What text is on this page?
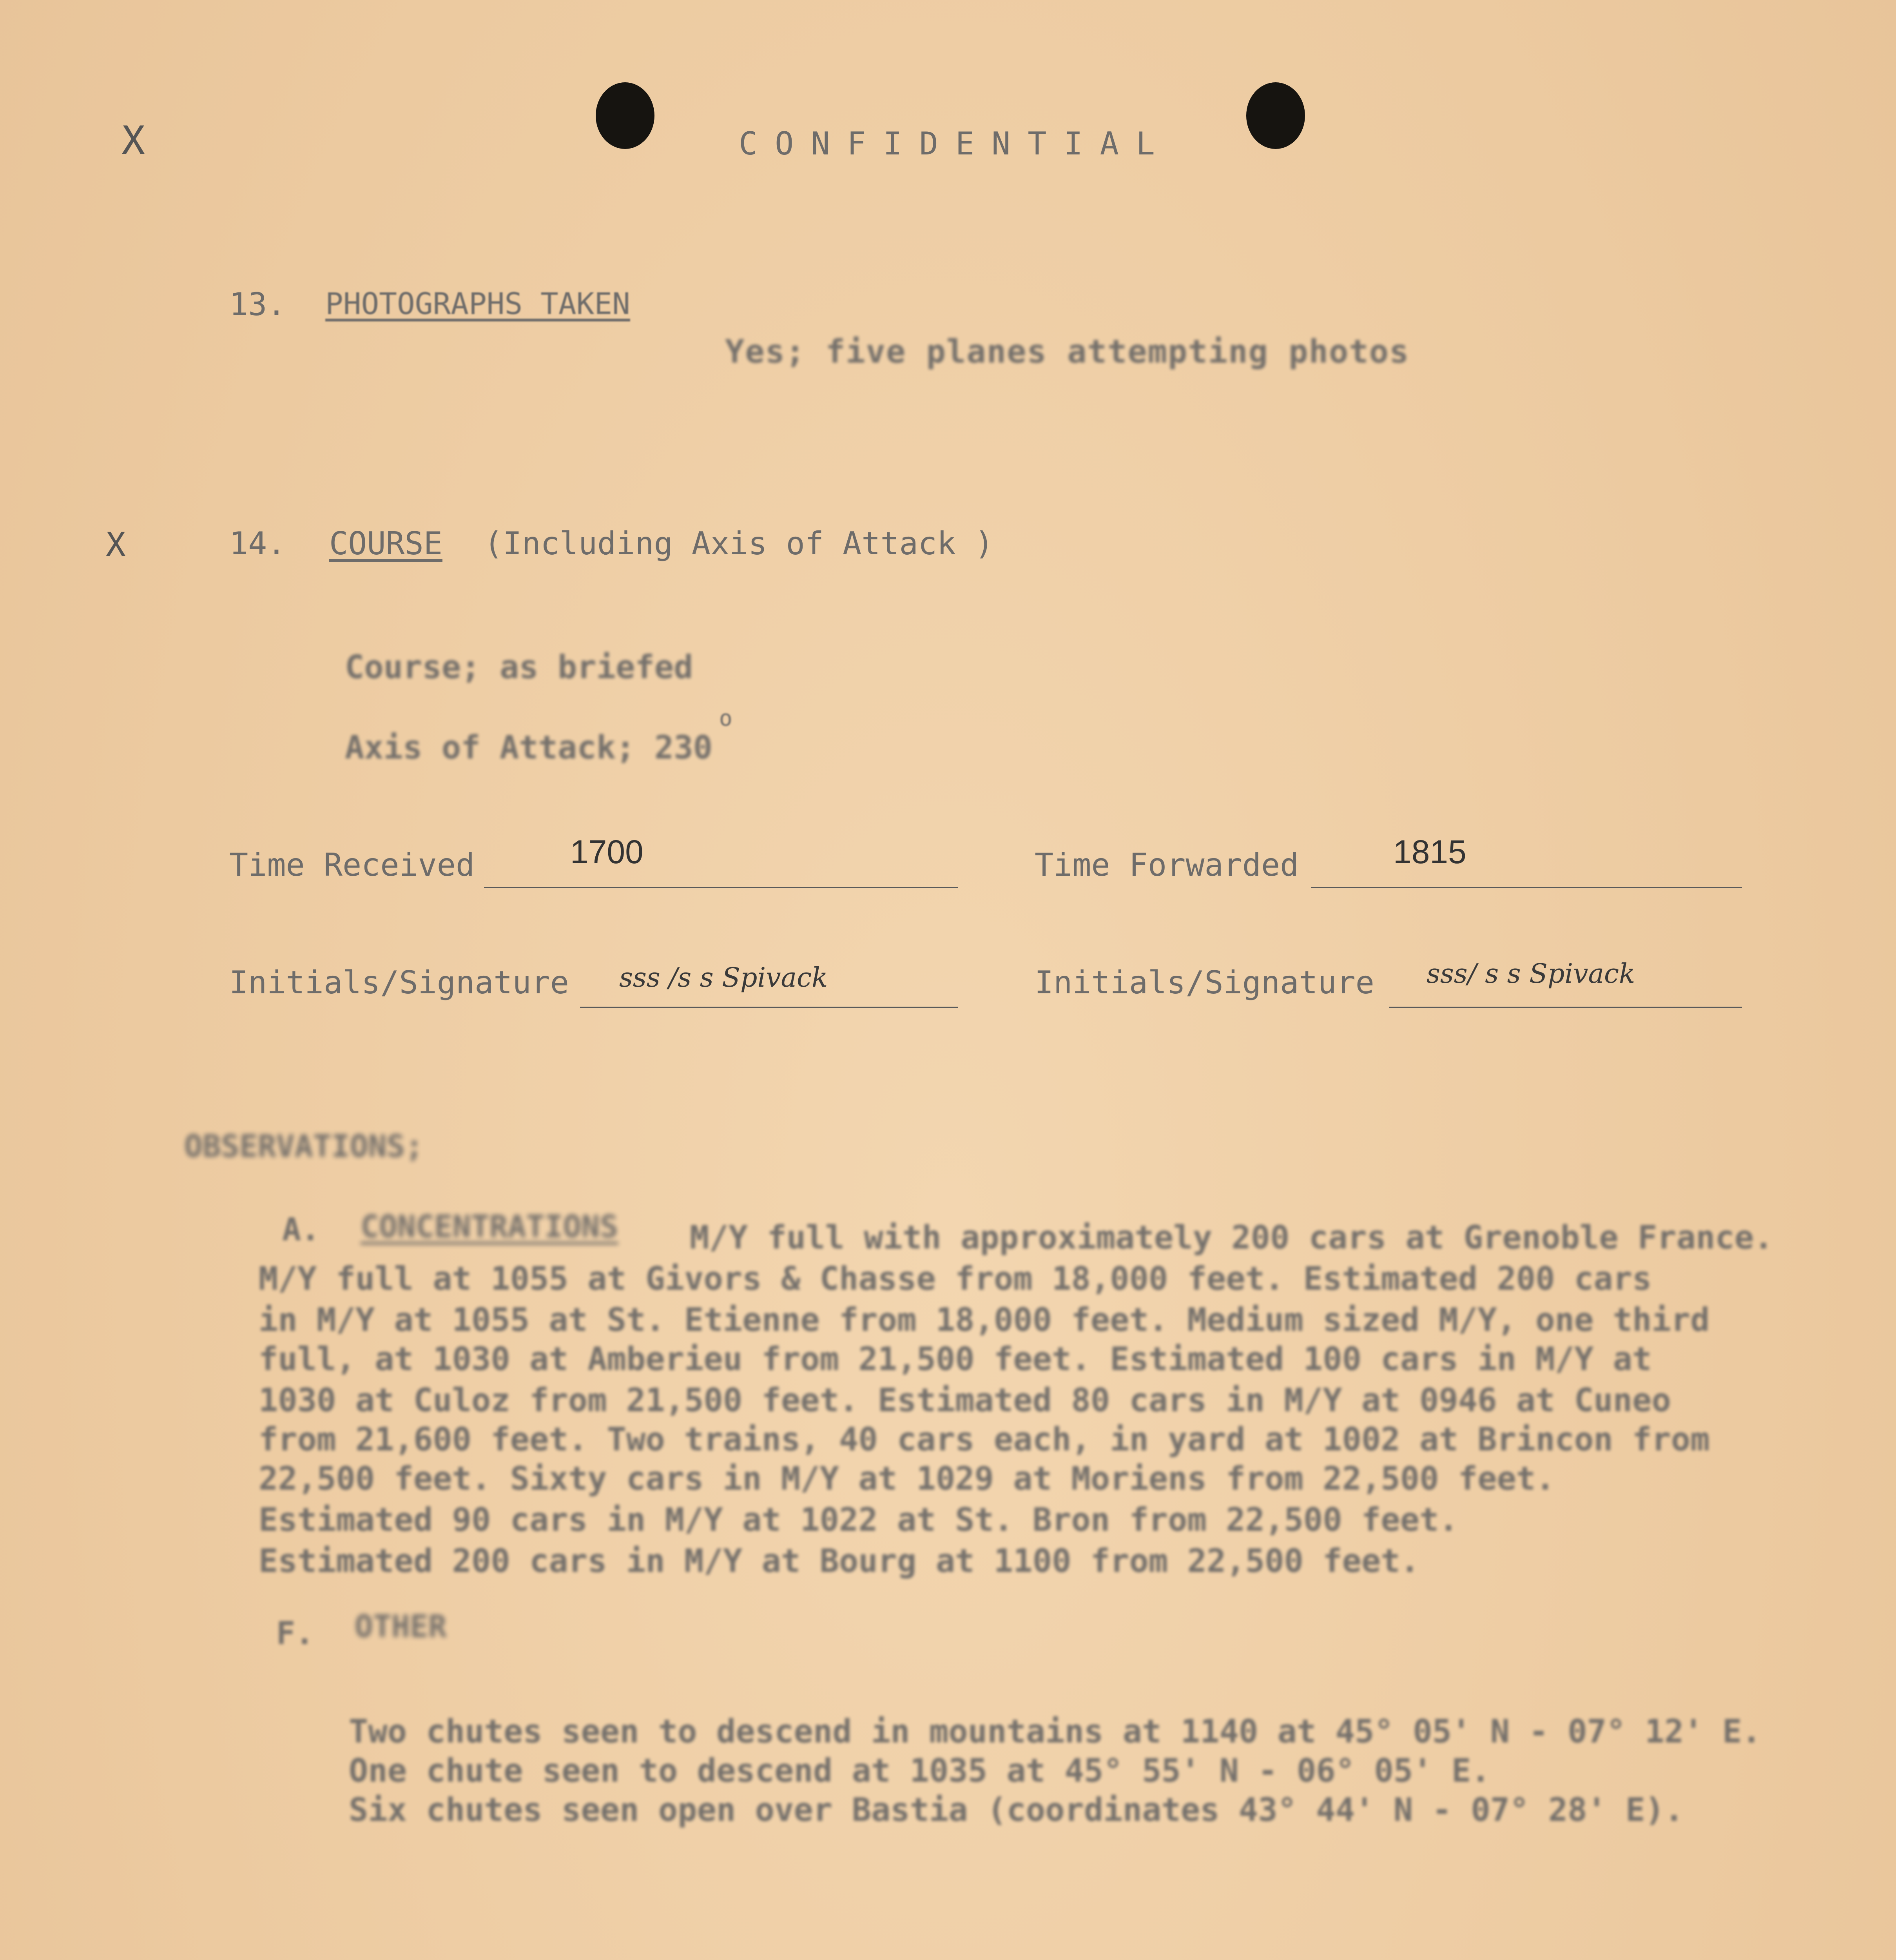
X	CONFIDENTIAL
13. PHOTOGRAPHS TAKEN
Yes; five planes attempting photos
X	14. COURSE (Including Axis of Attack )
Course; as briefed
Axis of Attack; 230
o
Time Received	1700	Time Forwarded	1815
Initials/Signature sss /s s Spivack	Initials/Signature sss/ s s Spivack
OBSERVATIONS;
A. CONCENTRATIONS M/Y full with approximately 200 cars at Grenoble France.
M/Y full at 1055 at Givors & Chasse from 18,000 feet. Estimated 200 cars
in M/Y at 1055 at St. Etienne from 18,000 feet. Medium sized M/Y, one third
full, at 1030 at Amberieu from 21,500 feet. Estimated 100 cars in M/Y at
1030 at Culoz from 21,500 feet. Estimated 80 cars in M/Y at 0946 at Cuneo
from 21,600 feet. Two trains, 40 cars each, in yard at 1002 at Brincon from
22,500 feet. Sixty cars in M/Y at 1029 at Moriens from 22,500 feet.
Estimated 90 cars in M/Y at 1022 at St. Bron from 22,500 feet.
Estimated 200 cars in M/Y at Bourg at 1100 from 22,500 feet.
F. OTHER
Two chutes seen to descend in mountains at 1140 at 45° 05' N - 07° 12' E.
One chute seen to descend at 1035 at 45° 55' N - 06° 05' E.
Six chutes seen open over Bastia (coordinates 43° 44' N - 07° 28' E).
